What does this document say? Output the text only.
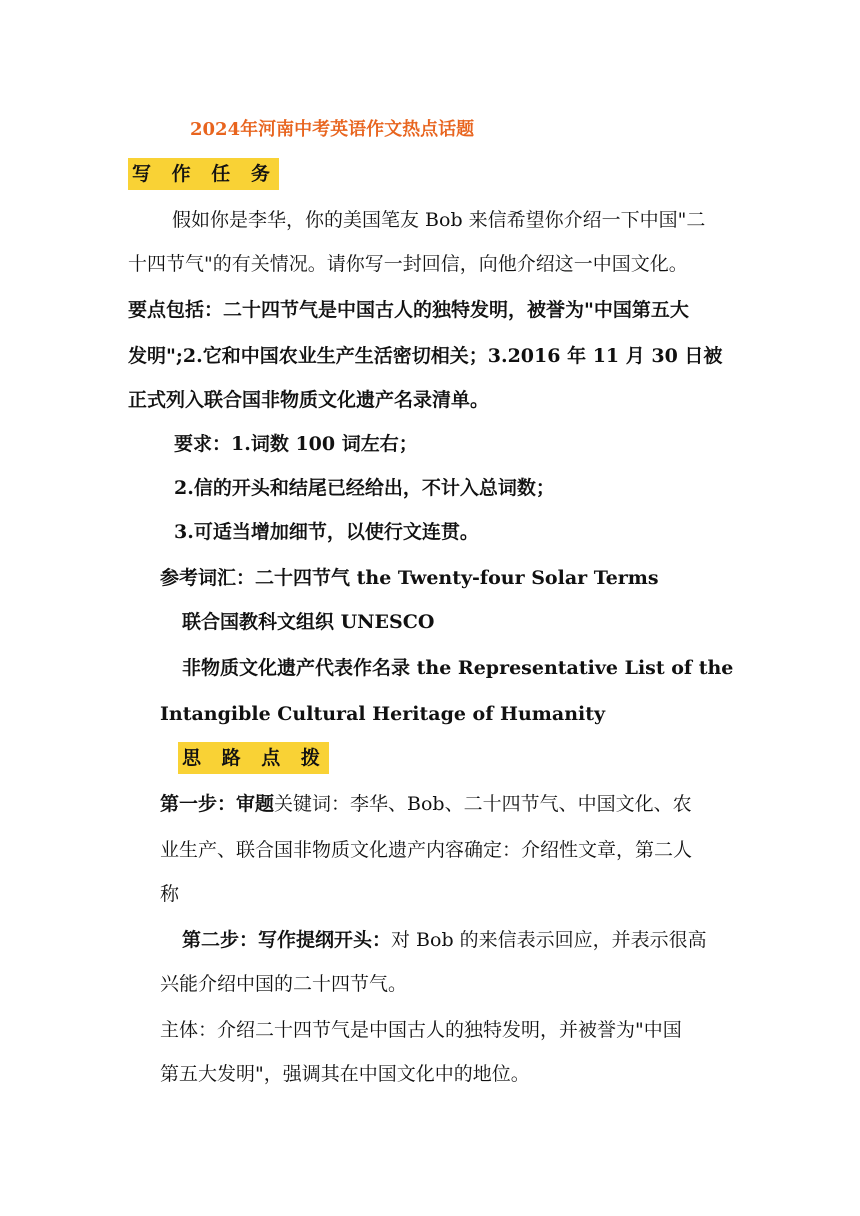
2024年河南中考英语作文热点话题
写 作 任 务
假如你是李华，你的美国笔友 Bob 来信希望你介绍一下中国"二
十四节气"的有关情况。请你写一封回信，向他介绍这一中国文化。
要点包括：二十四节气是中国古人的独特发明，被誉为"中国第五大
发明";2.它和中国农业生产生活密切相关；3.2016 年 11 月 30 日被
正式列入联合国非物质文化遗产名录清单。
要求：1.词数 100 词左右；
2.信的开头和结尾已经给出，不计入总词数；
3.可适当增加细节，以使行文连贯。
参考词汇：二十四节气 the Twenty-four Solar Terms
联合国教科文组织 UNESCO
非物质文化遗产代表作名录 the Representative List of the
Intangible Cultural Heritage of Humanity
思 路 点 拨
第一步：审题关键词：李华、Bob、二十四节气、中国文化、农
业生产、联合国非物质文化遗产内容确定：介绍性文章，第二人
称
第二步：写作提纲开头：对 Bob 的来信表示回应，并表示很高
兴能介绍中国的二十四节气。
主体：介绍二十四节气是中国古人的独特发明，并被誉为"中国
第五大发明"，强调其在中国文化中的地位。
